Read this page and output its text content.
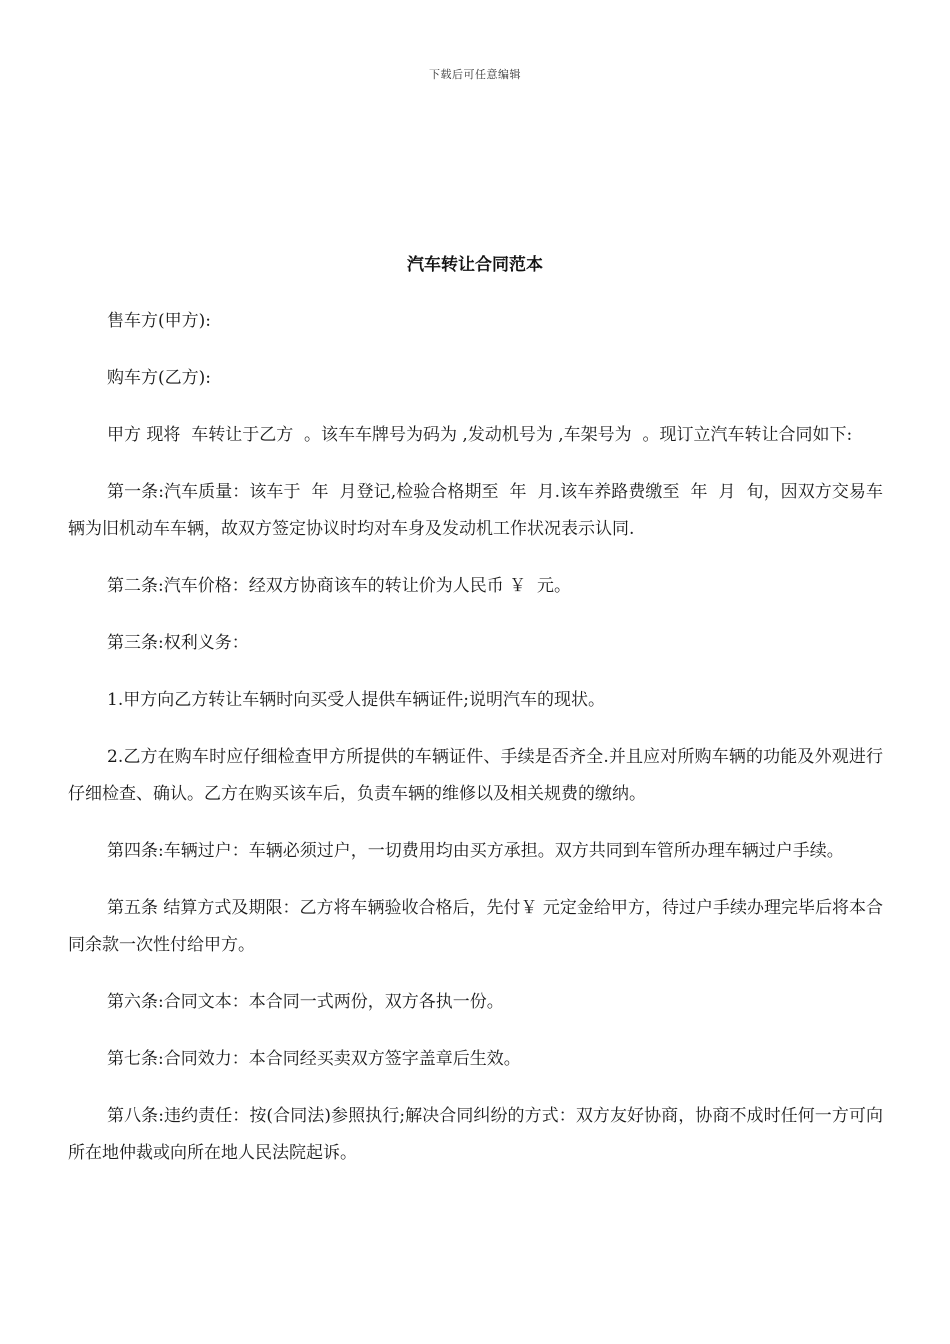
下载后可任意编辑
汽车转让合同范本

售车方(甲方):

购车方(乙方):

甲方 现将  车转让于乙方  。该车车牌号为码为 ,发动机号为 ,车架号为  。现订立汽车转让合同如下:

第一条:汽车质量：该车于  年  月登记,检验合格期至  年  月.该车养路费缴至  年  月  旬，因双方交易车辆为旧机动车车辆，故双方签定协议时均对车身及发动机工作状况表示认同.

第二条:汽车价格：经双方协商该车的转让价为人民币 ￥  元。

第三条:权利义务：

1.甲方向乙方转让车辆时向买受人提供车辆证件;说明汽车的现状。

2.乙方在购车时应仔细检查甲方所提供的车辆证件、手续是否齐全.并且应对所购车辆的功能及外观进行仔细检查、确认。乙方在购买该车后，负责车辆的维修以及相关规费的缴纳。

第四条:车辆过户：车辆必须过户，一切费用均由买方承担。双方共同到车管所办理车辆过户手续。

第五条 结算方式及期限：乙方将车辆验收合格后，先付￥ 元定金给甲方，待过户手续办理完毕后将本合同余款一次性付给甲方。

第六条:合同文本：本合同一式两份，双方各执一份。

第七条:合同效力：本合同经买卖双方签字盖章后生效。

第八条:违约责任：按(合同法)参照执行;解决合同纠纷的方式：双方友好协商，协商不成时任何一方可向所在地仲裁或向所在地人民法院起诉。
